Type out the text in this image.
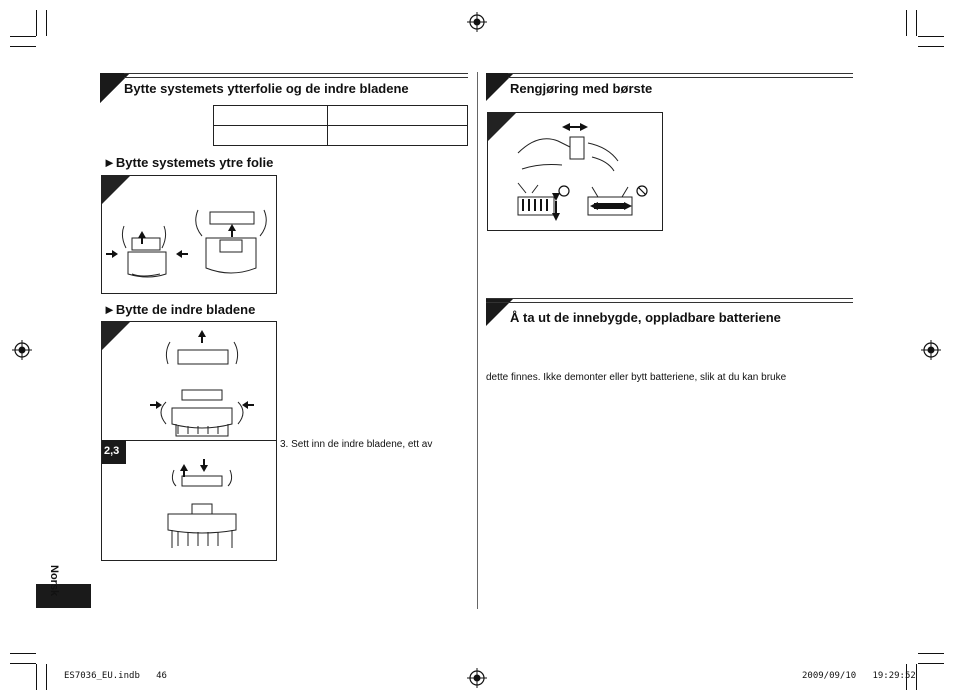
Bytte systemets ytterfolie og de indre bladene

►Bytte systemets ytre folie
►Bytte de indre bladene
2,3
3. Sett inn de indre bladene, ett av
Norsk
Rengjøring med børste
Å ta ut de innebygde, oppladbare batteriene
dette finnes. Ikke demonter eller bytt batteriene, slik at du kan bruke
ES7036_EU.indb   46	2009/09/10   19:29:52
